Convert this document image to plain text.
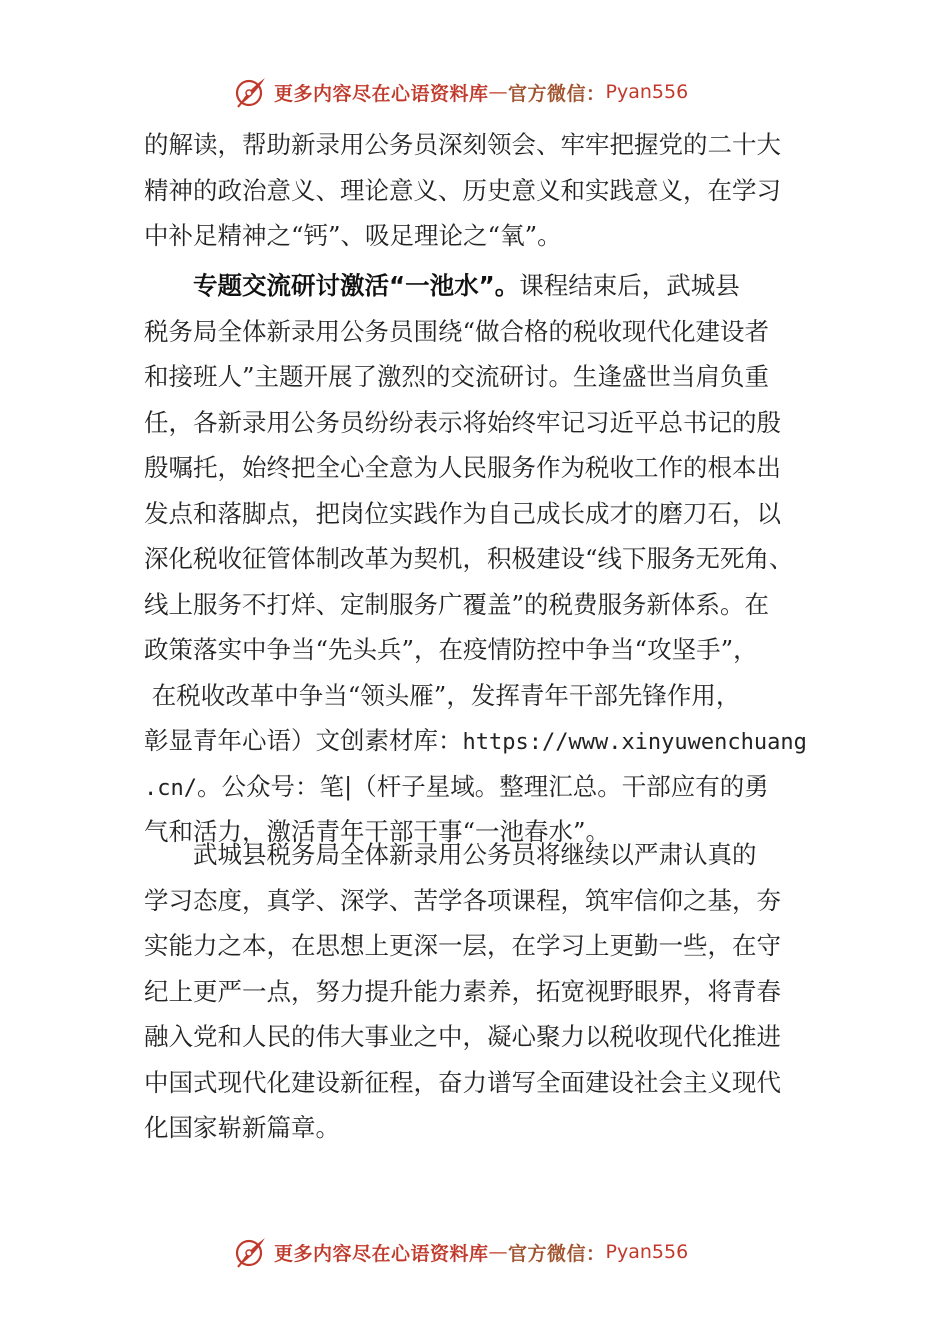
更多内容尽在心语资料库 — 官方微信： Pyan556
的解读，帮助新录用公务员深刻领会、牢牢把握党的二十大
精神的政治意义、理论意义、历史意义和实践意义，在学习
中补足精神之“钙”、吸足理论之“氧”。
专题交流研讨激活“一池水”。课程结束后，武城县
税务局全体新录用公务员围绕“做合格的税收现代化建设者
和接班人”主题开展了激烈的交流研讨。生逢盛世当肩负重
任，各新录用公务员纷纷表示将始终牢记习近平总书记的殷
殷嘱托，始终把全心全意为人民服务作为税收工作的根本出
发点和落脚点，把岗位实践作为自己成长成才的磨刀石，以
深化税收征管体制改革为契机，积极建设“线下服务无死角、
线上服务不打烊、定制服务广覆盖”的税费服务新体系。在
政策落实中争当“先头兵”，在疫情防控中争当“攻坚手”，
在税收改革中争当“领头雁”，发挥青年干部先锋作用，
彰显青年心语）文创素材库：https://www.xinyuwenchuang
.cn/。公众号：笔|（杆子星域。整理汇总。干部应有的勇
气和活力，激活青年干部干事“一池春水”。
武城县税务局全体新录用公务员将继续以严肃认真的
学习态度，真学、深学、苦学各项课程，筑牢信仰之基，夯
实能力之本，在思想上更深一层，在学习上更勤一些，在守
纪上更严一点，努力提升能力素养，拓宽视野眼界，将青春
融入党和人民的伟大事业之中，凝心聚力以税收现代化推进
中国式现代化建设新征程，奋力谱写全面建设社会主义现代
化国家崭新篇章。
更多内容尽在心语资料库 — 官方微信： Pyan556
